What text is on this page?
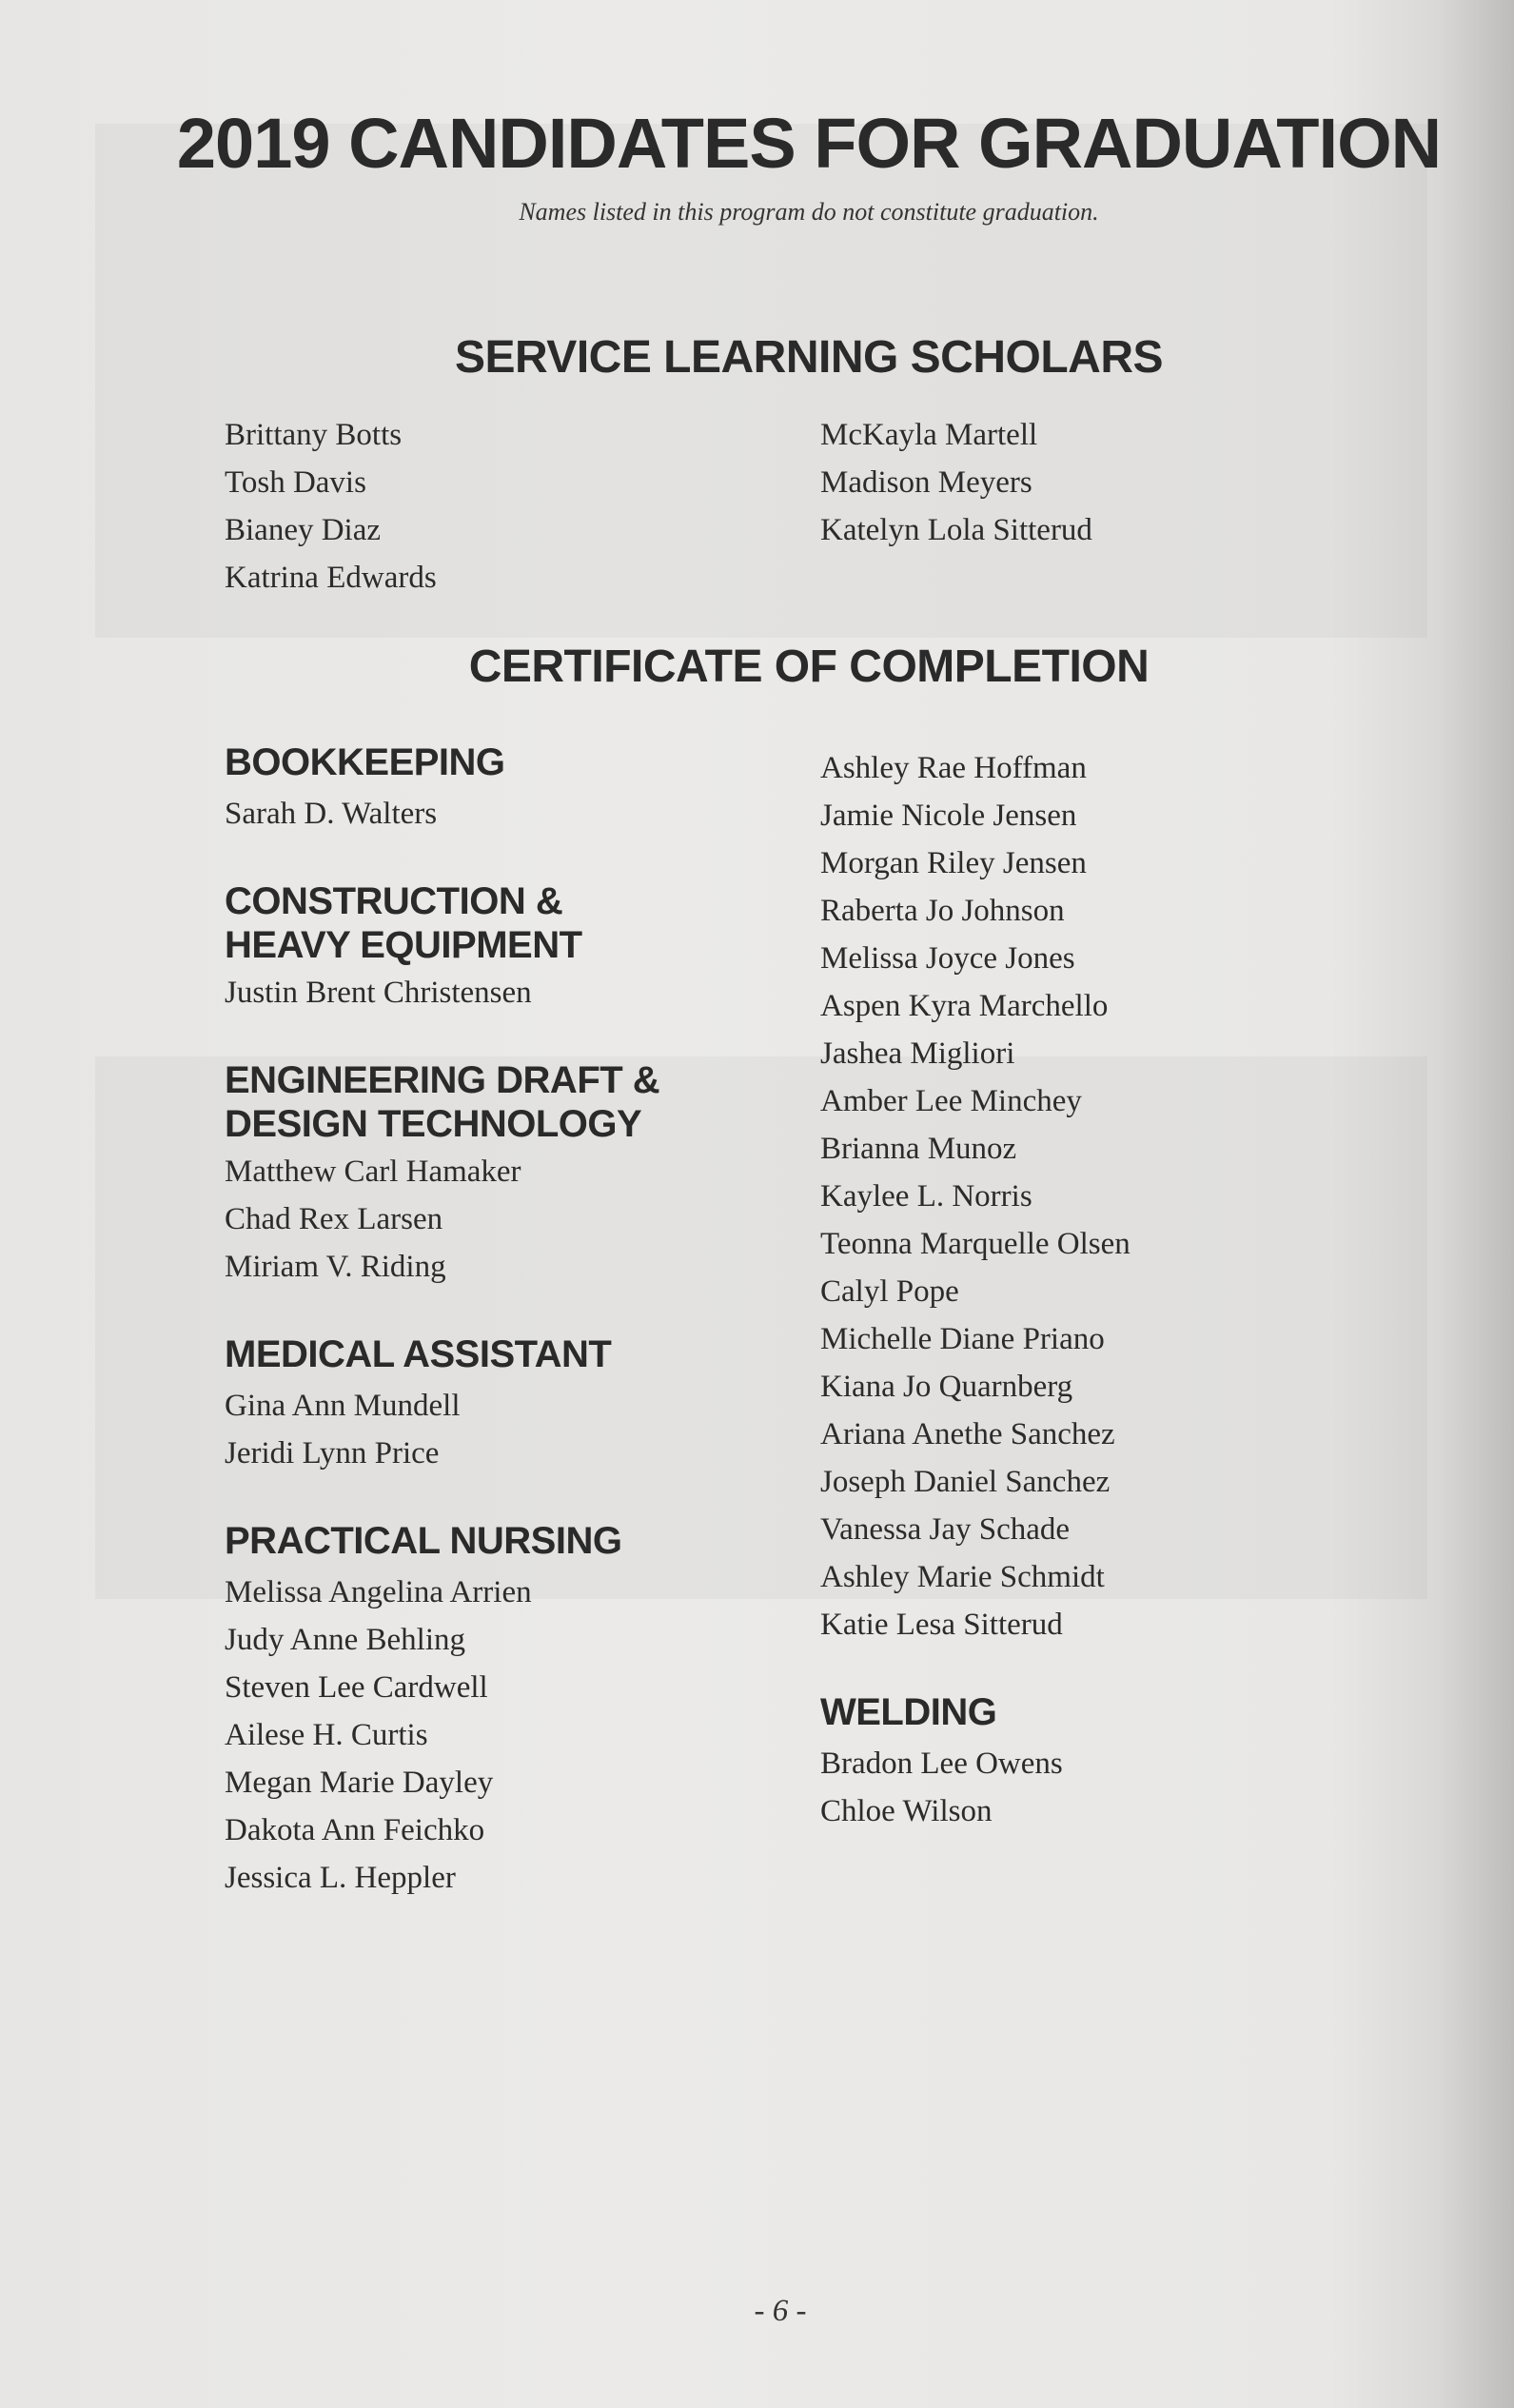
2019 CANDIDATES FOR GRADUATION
Names listed in this program do not constitute graduation.
SERVICE LEARNING SCHOLARS

Brittany Botts

Tosh Davis

Bianey Diaz

Katrina Edwards

McKayla Martell

Madison Meyers

Katelyn Lola Sitterud

CERTIFICATE OF COMPLETION
BOOKKEEPING

Sarah D. Walters

CONSTRUCTION &
HEAVY EQUIPMENT

Justin Brent Christensen

ENGINEERING DRAFT &
DESIGN TECHNOLOGY

Matthew Carl Hamaker

Chad Rex Larsen

Miriam V. Riding

MEDICAL ASSISTANT

Gina Ann Mundell

Jeridi Lynn Price

PRACTICAL NURSING

Melissa Angelina Arrien

Judy Anne Behling

Steven Lee Cardwell

Ailese H. Curtis

Megan Marie Dayley

Dakota Ann Feichko

Jessica L. Heppler

Ashley Rae Hoffman

Jamie Nicole Jensen

Morgan Riley Jensen

Raberta Jo Johnson

Melissa Joyce Jones

Aspen Kyra Marchello

Jashea Migliori

Amber Lee Minchey

Brianna Munoz

Kaylee L. Norris

Teonna Marquelle Olsen

Calyl Pope

Michelle Diane Priano

Kiana Jo Quarnberg

Ariana Anethe Sanchez

Joseph Daniel Sanchez

Vanessa Jay Schade

Ashley Marie Schmidt

Katie Lesa Sitterud

WELDING

Bradon Lee Owens

Chloe Wilson

- 6 -
